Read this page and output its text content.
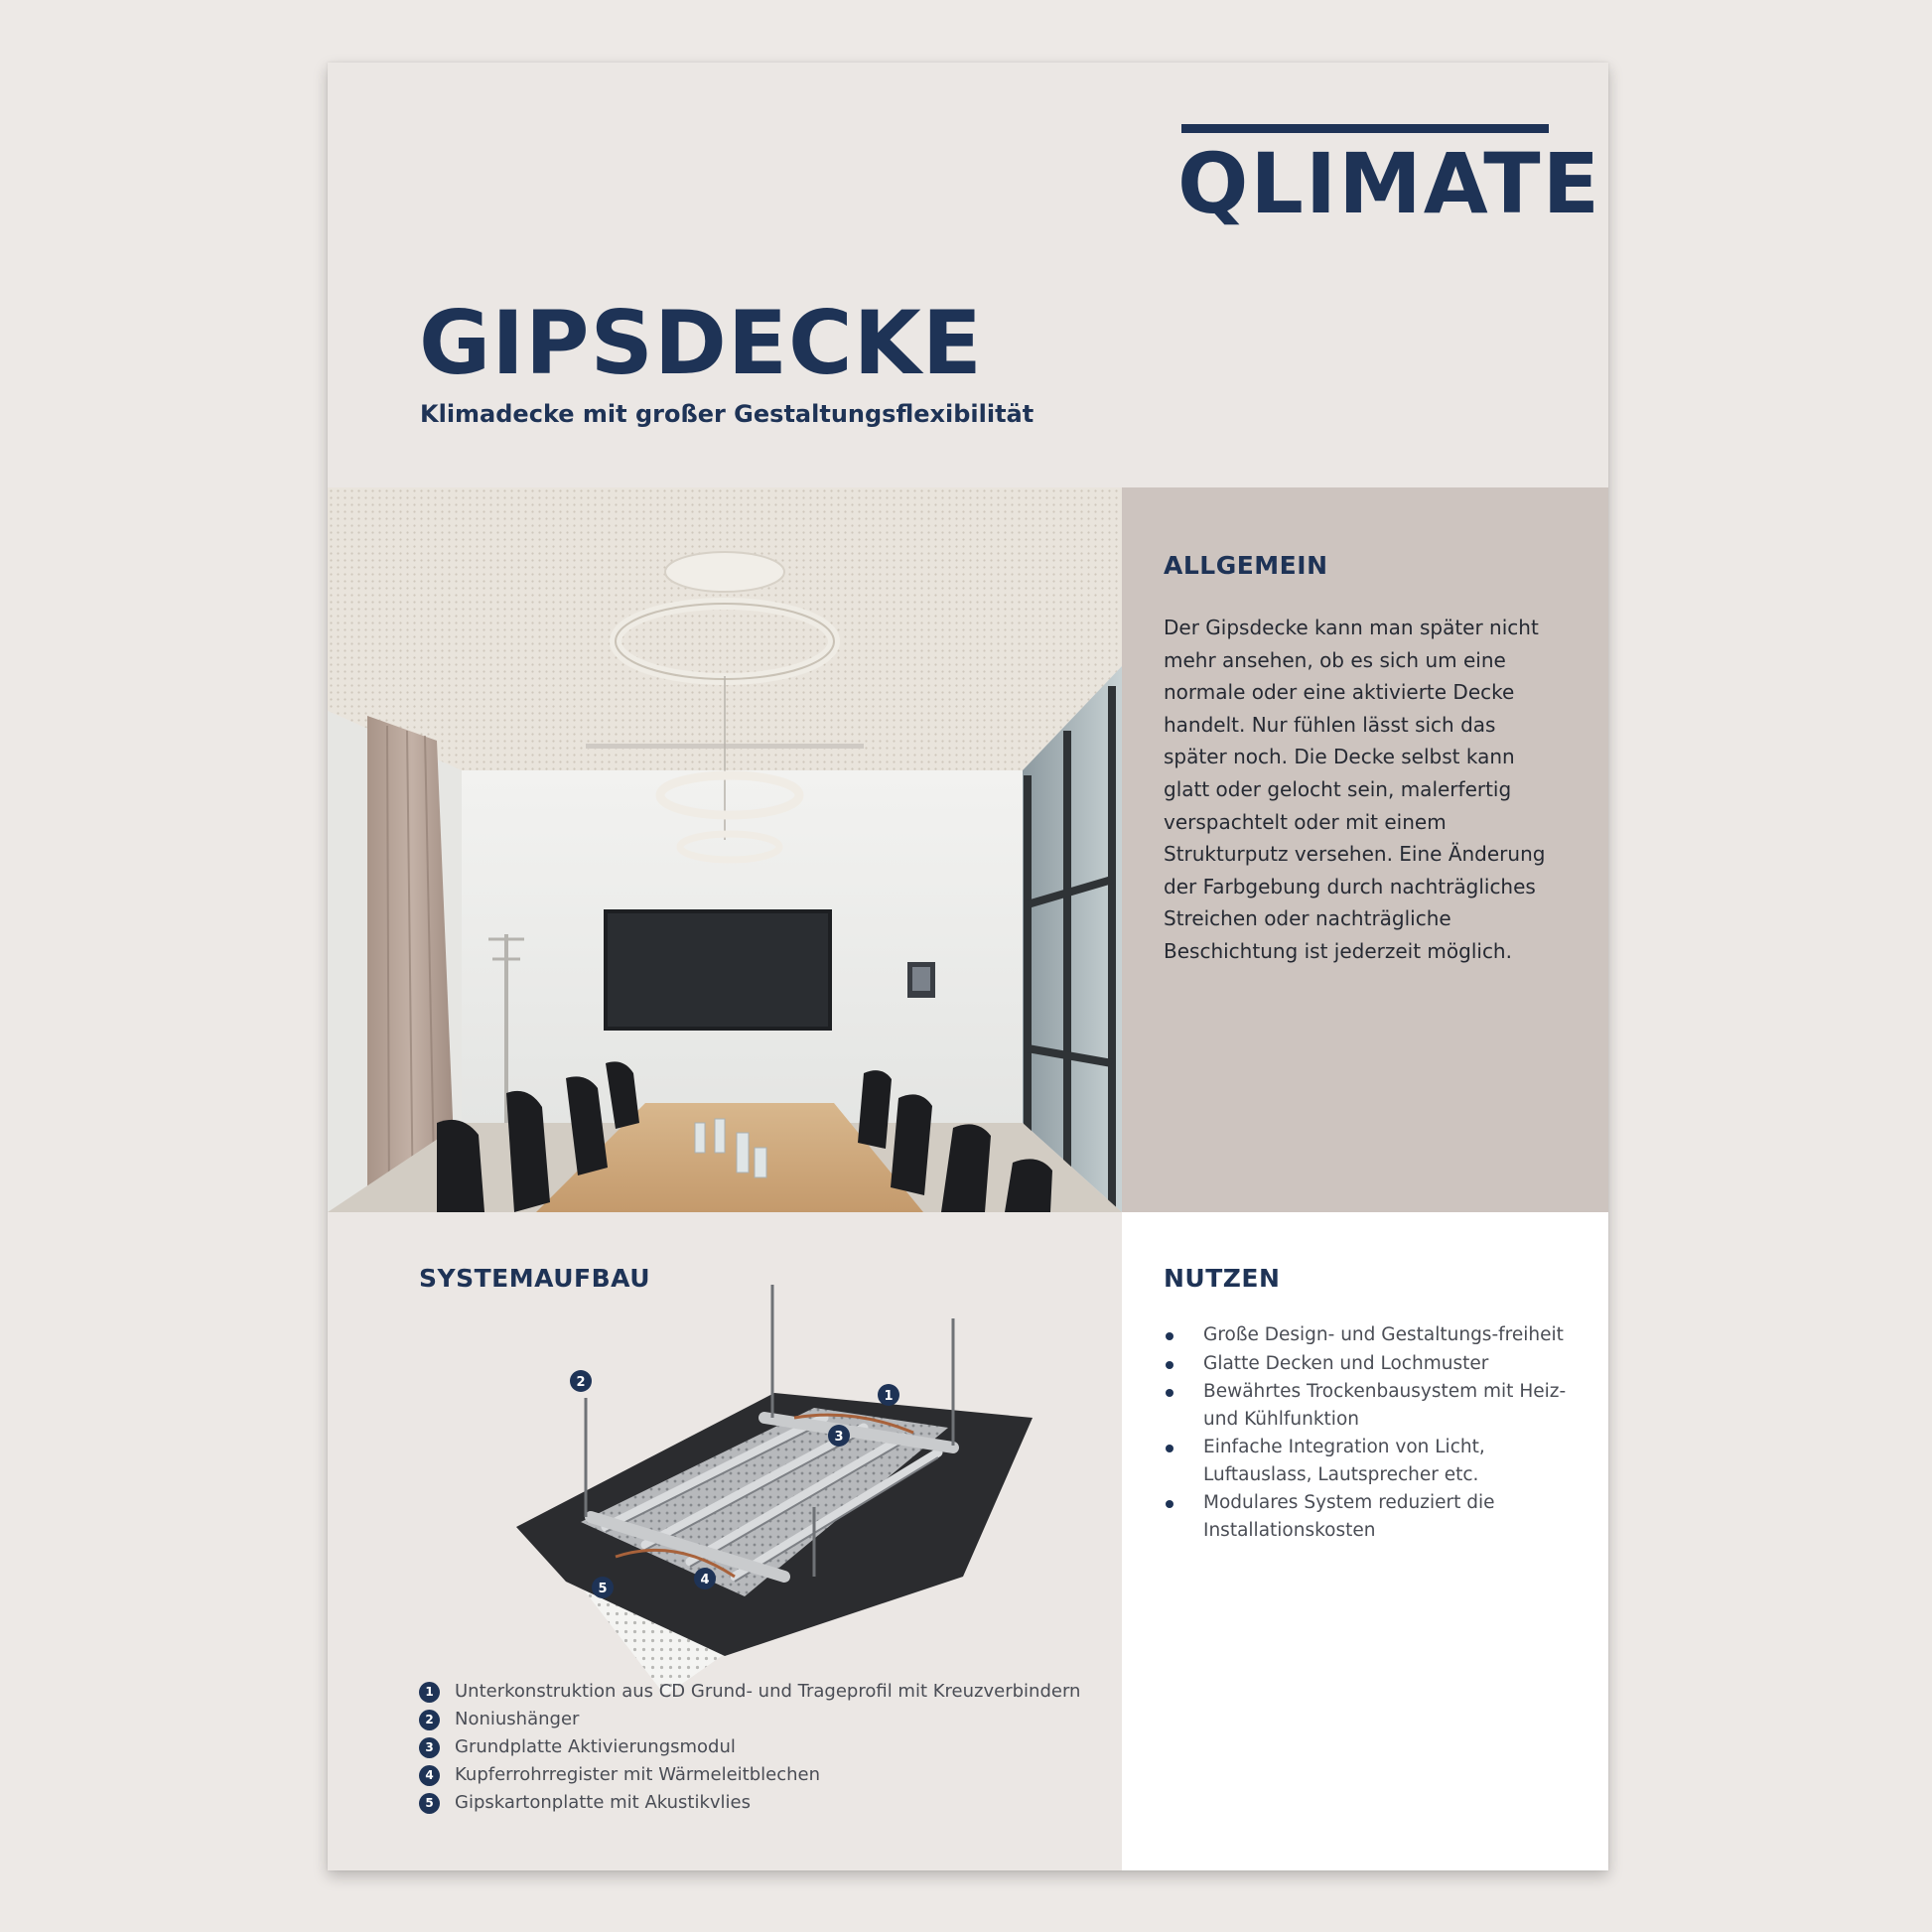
QLIMATE
GIPSDECKE
Klimadecke mit großer Gestaltungsflexibilität
ALLGEMEIN
Der Gipsdecke kann man später nicht mehr ansehen, ob es sich um eine normale oder eine aktivierte Decke handelt. Nur fühlen lässt sich das später noch. Die Decke selbst kann glatt oder gelocht sein, malerfertig verspachtelt oder mit einem Strukturputz versehen. Eine Änderung der Farbgebung durch nachträgliches Streichen oder nachträgliche Beschichtung ist jederzeit möglich.
SYSTEMAUFBAU
1
2
3
4
5
1	Unterkonstruktion aus CD Grund- und Trageprofil mit Kreuzverbindern
2	Noniushänger
3	Grundplatte Aktivierungsmodul
4	Kupferrohrregister mit Wärmeleitblechen
5	Gipskartonplatte mit Akustikvlies
NUTZEN
Große Design- und Gestaltungs-freiheit
Glatte Decken und Lochmuster
Bewährtes Trockenbausystem mit Heiz- und Kühlfunktion
Einfache Integration von Licht, Luftauslass, Lautsprecher etc.
Modulares System reduziert die Installationskosten
